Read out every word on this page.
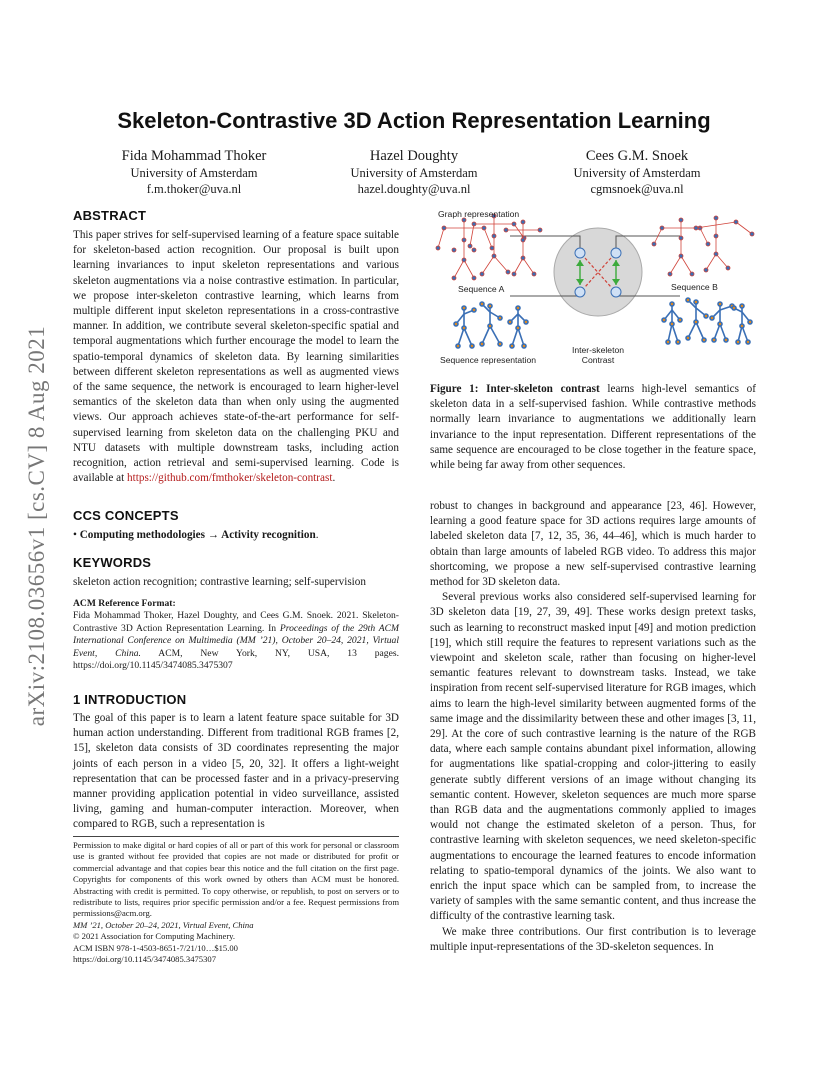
arXiv:2108.03656v1 [cs.CV] 8 Aug 2021
Skeleton-Contrastive 3D Action Representation Learning
Fida Mohammad Thoker
University of Amsterdam
f.m.thoker@uva.nl
Hazel Doughty
University of Amsterdam
hazel.doughty@uva.nl
Cees G.M. Snoek
University of Amsterdam
cgmsnoek@uva.nl
ABSTRACT

This paper strives for self-supervised learning of a feature space suitable for skeleton-based action recognition. Our proposal is built upon learning invariances to input skeleton representations and various skeleton augmentations via a noise contrastive estimation. In particular, we propose inter-skeleton contrastive learning, which learns from multiple different input skeleton representations in a cross-contrastive manner. In addition, we contribute several skeleton-specific spatial and temporal augmentations which further encourage the model to learn the spatio-temporal dynamics of skeleton data. By learning similarities between different skeleton representations as well as augmented views of the same sequence, the network is encouraged to learn higher-level semantics of the skeleton data than when only using the augmented views. Our approach achieves state-of-the-art performance for self-supervised learning from skeleton data on the challenging PKU and NTU datasets with multiple downstream tasks, including action recognition, action retrieval and semi-supervised learning. Code is available at https://github.com/fmthoker/skeleton-contrast.

CCS CONCEPTS
• Computing methodologies → Activity recognition.
KEYWORDS
skeleton action recognition; contrastive learning; self-supervision
ACM Reference Format:
Fida Mohammad Thoker, Hazel Doughty, and Cees G.M. Snoek. 2021. Skeleton-Contrastive 3D Action Representation Learning. In Proceedings of the 29th ACM International Conference on Multimedia (MM ’21), October 20–24, 2021, Virtual Event, China. ACM, New York, NY, USA, 13 pages. https://doi.org/10.1145/3474085.3475307
1 INTRODUCTION
The goal of this paper is to learn a latent feature space suitable for 3D human action understanding. Different from traditional RGB frames [2, 15], skeleton data consists of 3D coordinates representing the major joints of each person in a video [5, 20, 32]. It offers a light-weight representation that can be processed faster and in a privacy-preserving manner providing application potential in video surveillance, assisted living, gaming and human-computer interaction. Moreover, when compared to RGB, such a representation is
Permission to make digital or hard copies of all or part of this work for personal or classroom use is granted without fee provided that copies are not made or distributed for profit or commercial advantage and that copies bear this notice and the full citation on the first page. Copyrights for components of this work owned by others than ACM must be honored. Abstracting with credit is permitted. To copy otherwise, or republish, to post on servers or to redistribute to lists, requires prior specific permission and/or a fee. Request permissions from permissions@acm.org.
MM ’21, October 20–24, 2021, Virtual Event, China
© 2021 Association for Computing Machinery.
ACM ISBN 978-1-4503-8651-7/21/10…$15.00
https://doi.org/10.1145/3474085.3475307
Graph representation
Sequence A	Sequence B
Sequence representation
Inter-skeleton Contrast
Figure 1: Inter-skeleton contrast learns high-level semantics of skeleton data in a self-supervised fashion. While contrastive methods normally learn invariance to augmentations we additionally learn invariance to the input representation. Different representations of the same sequence are encouraged to be close together in the feature space, while being far away from other sequences.

robust to changes in background and appearance [23, 46]. However, learning a good feature space for 3D actions requires large amounts of labeled skeleton data [7, 12, 35, 36, 44–46], which is much harder to obtain than large amounts of labeled RGB video. To address this major shortcoming, we propose a new self-supervised contrastive learning method for 3D skeleton data.

Several previous works also considered self-supervised learning for 3D skeleton data [19, 27, 39, 49]. These works design pretext tasks, such as learning to reconstruct masked input [49] and motion prediction [19], which still require the features to represent variations such as the viewpoint and skeleton scale, rather than focusing on higher-level semantic features relevant to downstream tasks. Instead, we take inspiration from recent self-supervised literature for RGB images, which aims to learn the high-level similarity between augmented forms of the same image and the dissimilarity between these and other images [3, 11, 29]. At the core of such contrastive learning is the nature of the RGB data, where each sample contains abundant pixel information, allowing for augmentations like spatial-cropping and color-jittering to easily generate subtly different versions of an image without changing its semantic content. However, skeleton sequences are much more sparse than RGB data and the augmentations commonly applied to images would not change the estimated skeleton of a person. Thus, for contrastive learning with skeleton sequences, we need skeleton-specific augmentations to encourage the learned features to encode information relating to spatio-temporal dynamics of the joints. We also want to enrich the input space which can be sampled from, to increase the variety of samples with the same semantic content, and thus increase the difficulty of the contrastive learning task.

We make three contributions. Our first contribution is to leverage multiple input-representations of the 3D-skeleton sequences. In
